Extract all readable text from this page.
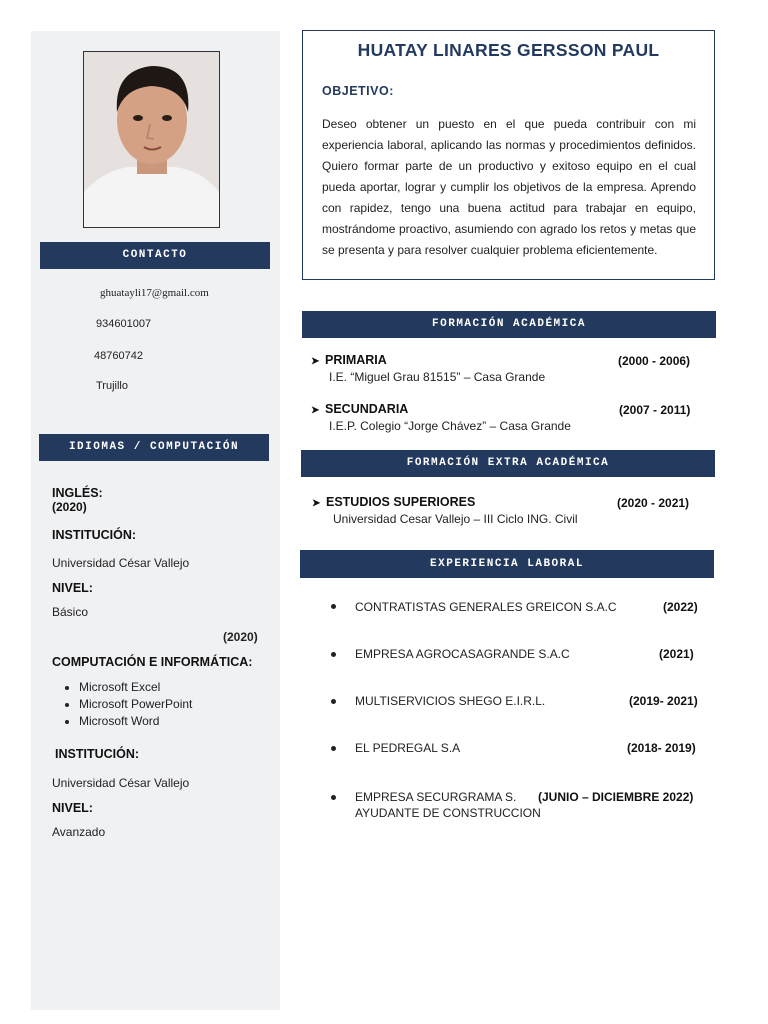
CONTACTO
ghuatayli17@gmail.com
934601007
48760742
Trujillo
IDIOMAS / COMPUTACIÓN
INGLÉS:
(2020)
INSTITUCIÓN:
Universidad César Vallejo
NIVEL:
Básico
(2020)
COMPUTACIÓN E INFORMÁTICA:
• Microsoft Excel
• Microsoft PowerPoint
• Microsoft Word
INSTITUCIÓN:
Universidad César Vallejo
NIVEL:
Avanzado
HUATAY LINARES GERSSON PAUL
OBJETIVO:

Deseo obtener un puesto en el que pueda contribuir con mi experiencia laboral, aplicando las normas y procedimientos definidos. Quiero formar parte de un productivo y exitoso equipo en el cual pueda aportar, lograr y cumplir los objetivos de la empresa. Aprendo con rapidez, tengo una buena actitud para trabajar en equipo, mostrándome proactivo, asumiendo con agrado los retos y metas que se presenta y para resolver cualquier problema eficientemente.

FORMACIÓN ACADÉMICA
➤ PRIMARIA
I.E. “Miguel Grau 81515” – Casa Grande
(2000 - 2006)
➤ SECUNDARIA
I.E.P. Colegio “Jorge Chávez” – Casa Grande
(2007 - 2011)
FORMACIÓN EXTRA ACADÉMICA
➤ ESTUDIOS SUPERIORES
Universidad Cesar Vallejo – III Ciclo ING. Civil
(2020 - 2021)
EXPERIENCIA LABORAL
CONTRATISTAS GENERALES GREICON S.A.C	(2022)
EMPRESA AGROCASAGRANDE S.A.C	(2021)
MULTISERVICIOS SHEGO E.I.R.L.	(2019- 2021)
EL PEDREGAL S.A	(2018- 2019)
EMPRESA SECURGRAMA S. (JUNIO – DICIEMBRE 2022)
AYUDANTE DE CONSTRUCCION
